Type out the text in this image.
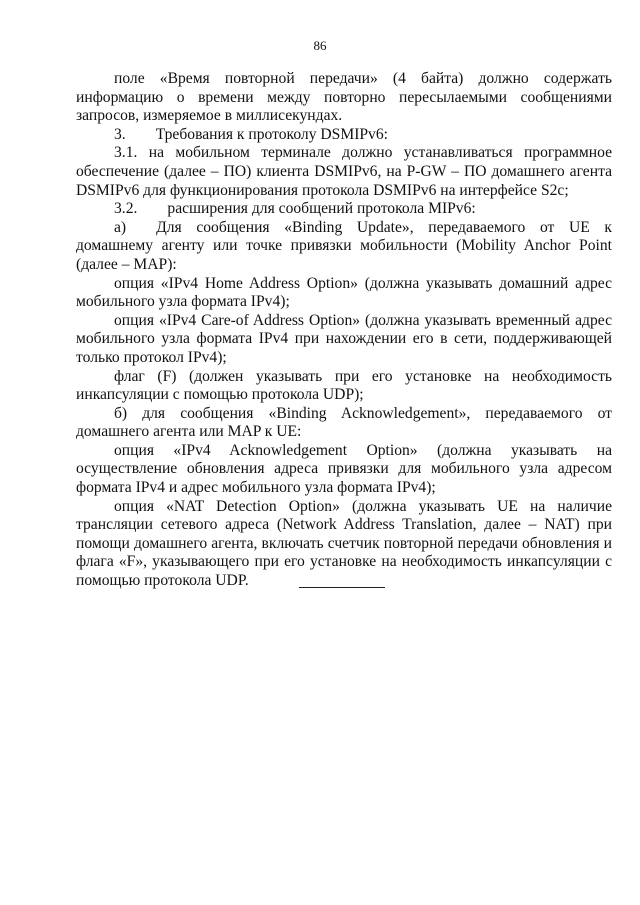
86

поле «Время повторной передачи» (4 байта) должно содержать информацию о времени между повторно пересылаемыми сообщениями запросов, измеряемое в миллисекундах.

3. Требования к протоколу DSMIPv6:

3.1. на мобильном терминале должно устанавливаться программное обеспечение (далее – ПО) клиента DSMIPv6, на P-GW – ПО домашнего агента DSMIPv6 для функционирования протокола DSMIPv6 на интерфейсе S2c;

3.2. расширения для сообщений протокола MIPv6:

а) Для сообщения «Binding Update», передаваемого от UE к домашнему агенту или точке привязки мобильности (Mobility Anchor Point (далее – MAP):

опция «IPv4 Home Address Option» (должна указывать домашний адрес мобильного узла формата IPv4);

опция «IPv4 Care-of Address Option» (должна указывать временный адрес мобильного узла формата IPv4 при нахождении его в сети, поддерживающей только протокол IPv4);

флаг (F) (должен указывать при его установке на необходимость инкапсуляции с помощью протокола UDP);

б) для сообщения «Binding Acknowledgement», передаваемого от домашнего агента или MAP к UE:

опция «IPv4 Acknowledgement Option» (должна указывать на осуществление обновления адреса привязки для мобильного узла адресом формата IPv4 и адрес мобильного узла формата IPv4);

опция «NAT Detection Option» (должна указывать UE на наличие трансляции сетевого адреса (Network Address Translation, далее – NAT) при помощи домашнего агента, включать счетчик повторной передачи обновления и флага «F», указывающего при его установке на необходимость инкапсуляции с помощью протокола UDP.
